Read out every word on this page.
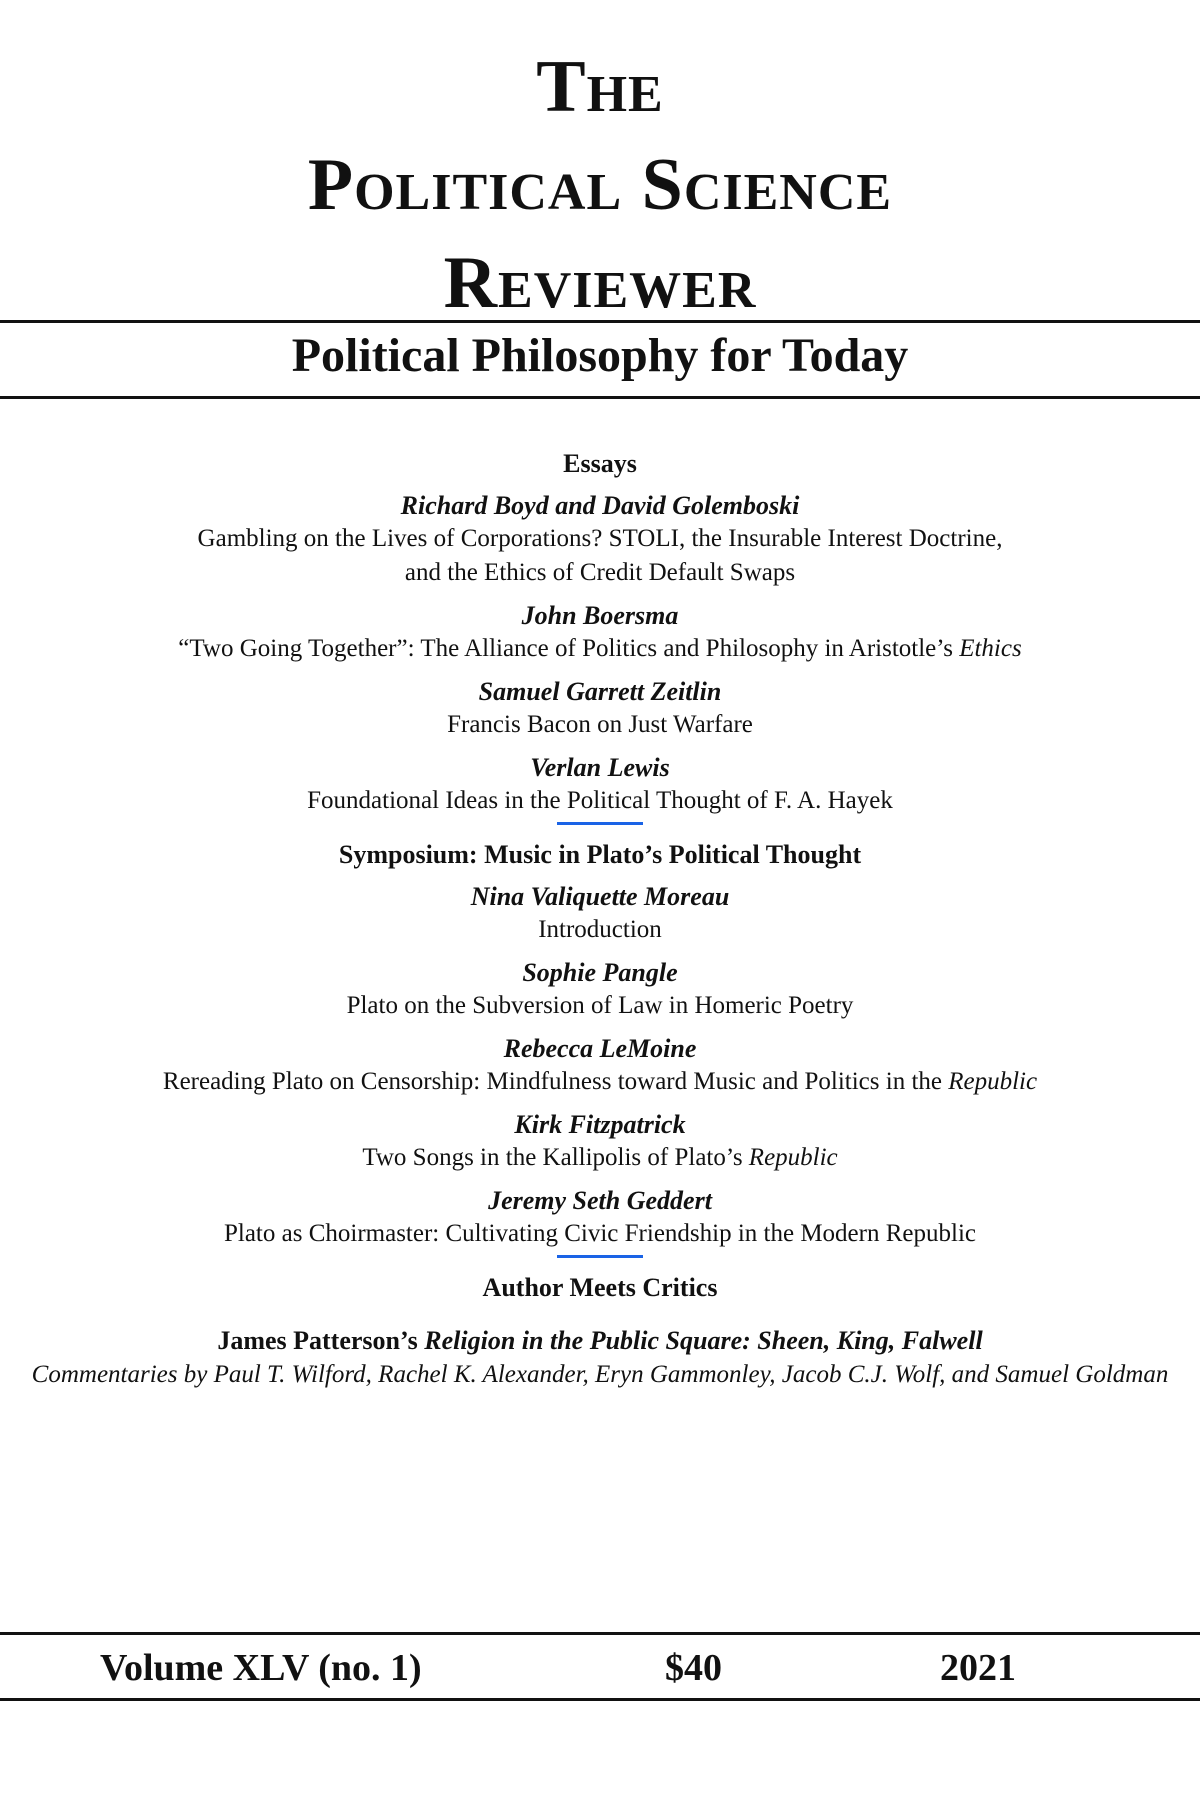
The
Political Science
Reviewer
Political Philosophy for Today
Essays
Richard Boyd and David Golemboski
Gambling on the Lives of Corporations? STOLI, the Insurable Interest Doctrine,
and the Ethics of Credit Default Swaps
John Boersma
“Two Going Together”: The Alliance of Politics and Philosophy in Aristotle’s Ethics
Samuel Garrett Zeitlin
Francis Bacon on Just Warfare
Verlan Lewis
Foundational Ideas in the Political Thought of F. A. Hayek
Symposium: Music in Plato’s Political Thought
Nina Valiquette Moreau
Introduction
Sophie Pangle
Plato on the Subversion of Law in Homeric Poetry
Rebecca LeMoine
Rereading Plato on Censorship: Mindfulness toward Music and Politics in the Republic
Kirk Fitzpatrick
Two Songs in the Kallipolis of Plato’s Republic
Jeremy Seth Geddert
Plato as Choirmaster: Cultivating Civic Friendship in the Modern Republic
Author Meets Critics
James Patterson’s Religion in the Public Square: Sheen, King, Falwell
Commentaries by Paul T. Wilford, Rachel K. Alexander, Eryn Gammonley, Jacob C.J. Wolf, and Samuel Goldman
Volume XLV (no. 1)	$40	2021
